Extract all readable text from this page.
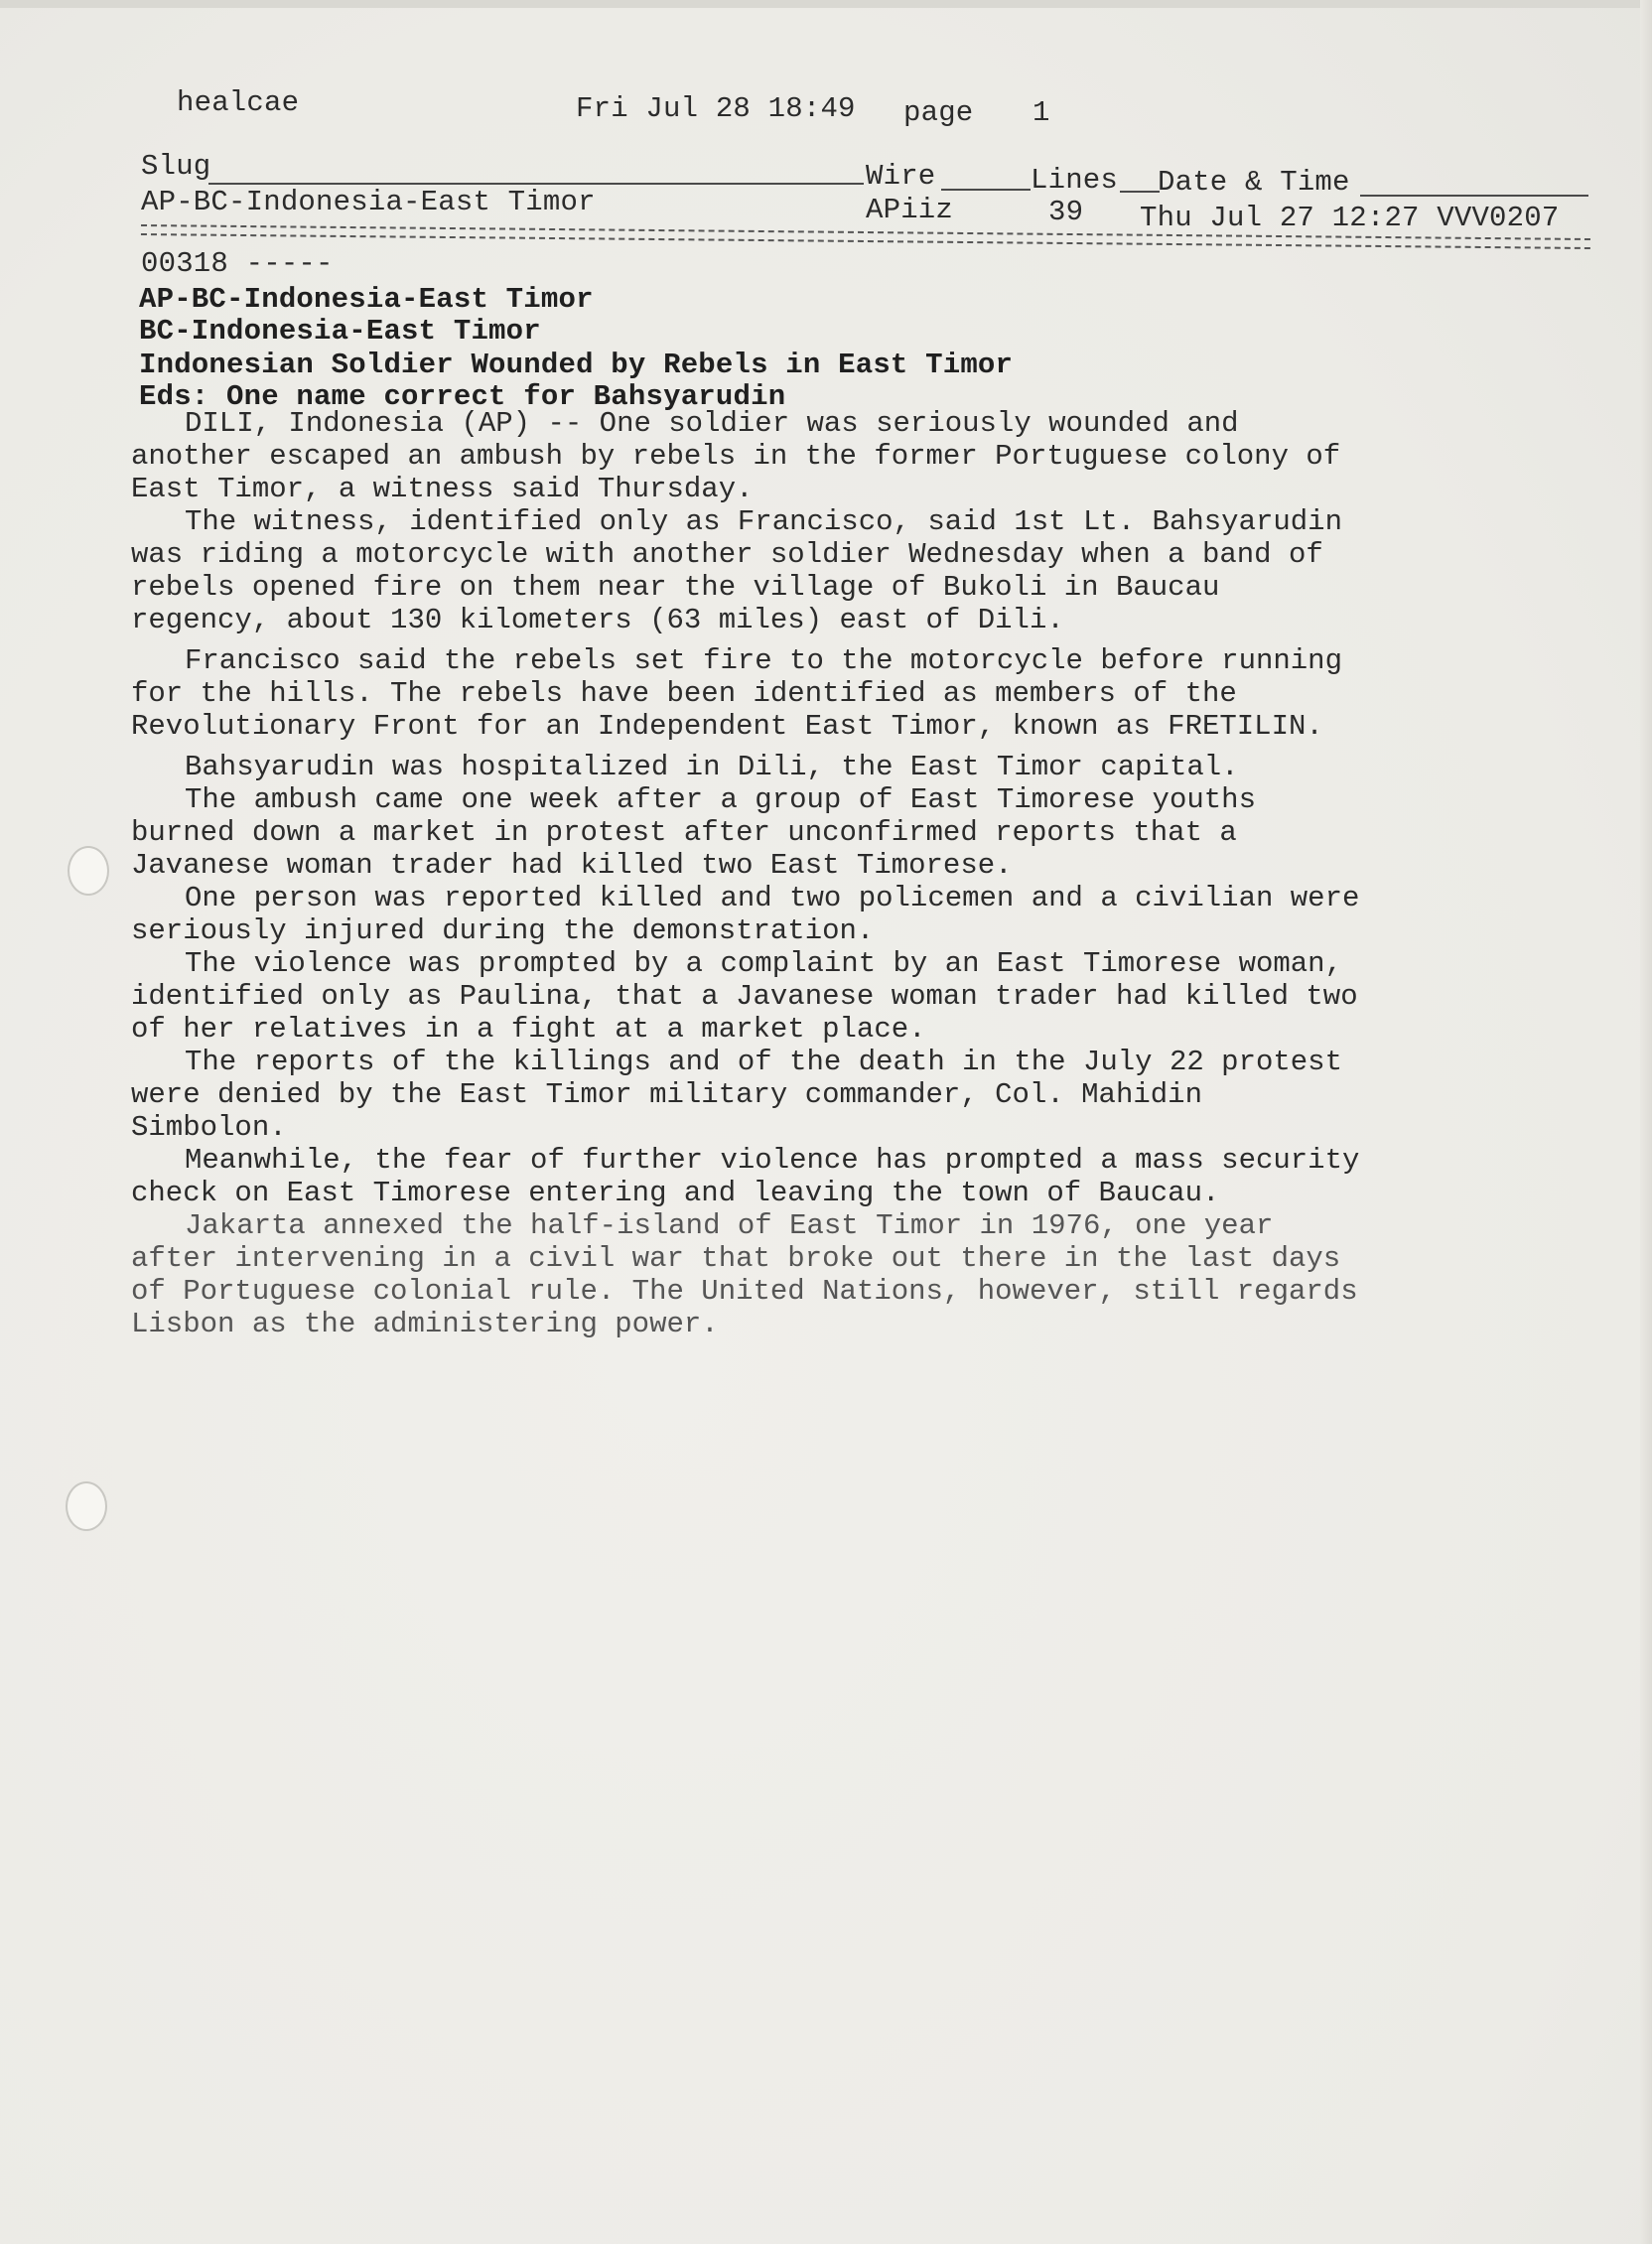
healcae	Fri Jul 28 18:49 page 1
Slug	Wire	Lines Date & Time
AP-BC-Indonesia-East Timor	APiiz	39 Thu Jul 27 12:27 VVV0207
00318 -----
AP-BC-Indonesia-East Timor
BC-Indonesia-East Timor
Indonesian Soldier Wounded by Rebels in East Timor
Eds: One name correct for Bahsyarudin

DILI, Indonesia (AP) -- One soldier was seriously wounded and another escaped an ambush by rebels in the former Portuguese colony of East Timor, a witness said Thursday.

The witness, identified only as Francisco, said 1st Lt. Bahsyarudin was riding a motorcycle with another soldier Wednesday when a band of rebels opened fire on them near the village of Bukoli in Baucau regency, about 130 kilometers (63 miles) east of Dili.

Francisco said the rebels set fire to the motorcycle before running for the hills. The rebels have been identified as members of the Revolutionary Front for an Independent East Timor, known as FRETILIN.

Bahsyarudin was hospitalized in Dili, the East Timor capital.

The ambush came one week after a group of East Timorese youths burned down a market in protest after unconfirmed reports that a Javanese woman trader had killed two East Timorese.

One person was reported killed and two policemen and a civilian were seriously injured during the demonstration.

The violence was prompted by a complaint by an East Timorese woman, identified only as Paulina, that a Javanese woman trader had killed two of her relatives in a fight at a market place.

The reports of the killings and of the death in the July 22 protest were denied by the East Timor military commander, Col. Mahidin Simbolon.

Meanwhile, the fear of further violence has prompted a mass security check on East Timorese entering and leaving the town of Baucau.

Jakarta annexed the half-island of East Timor in 1976, one year after intervening in a civil war that broke out there in the last days of Portuguese colonial rule. The United Nations, however, still regards Lisbon as the administering power.
